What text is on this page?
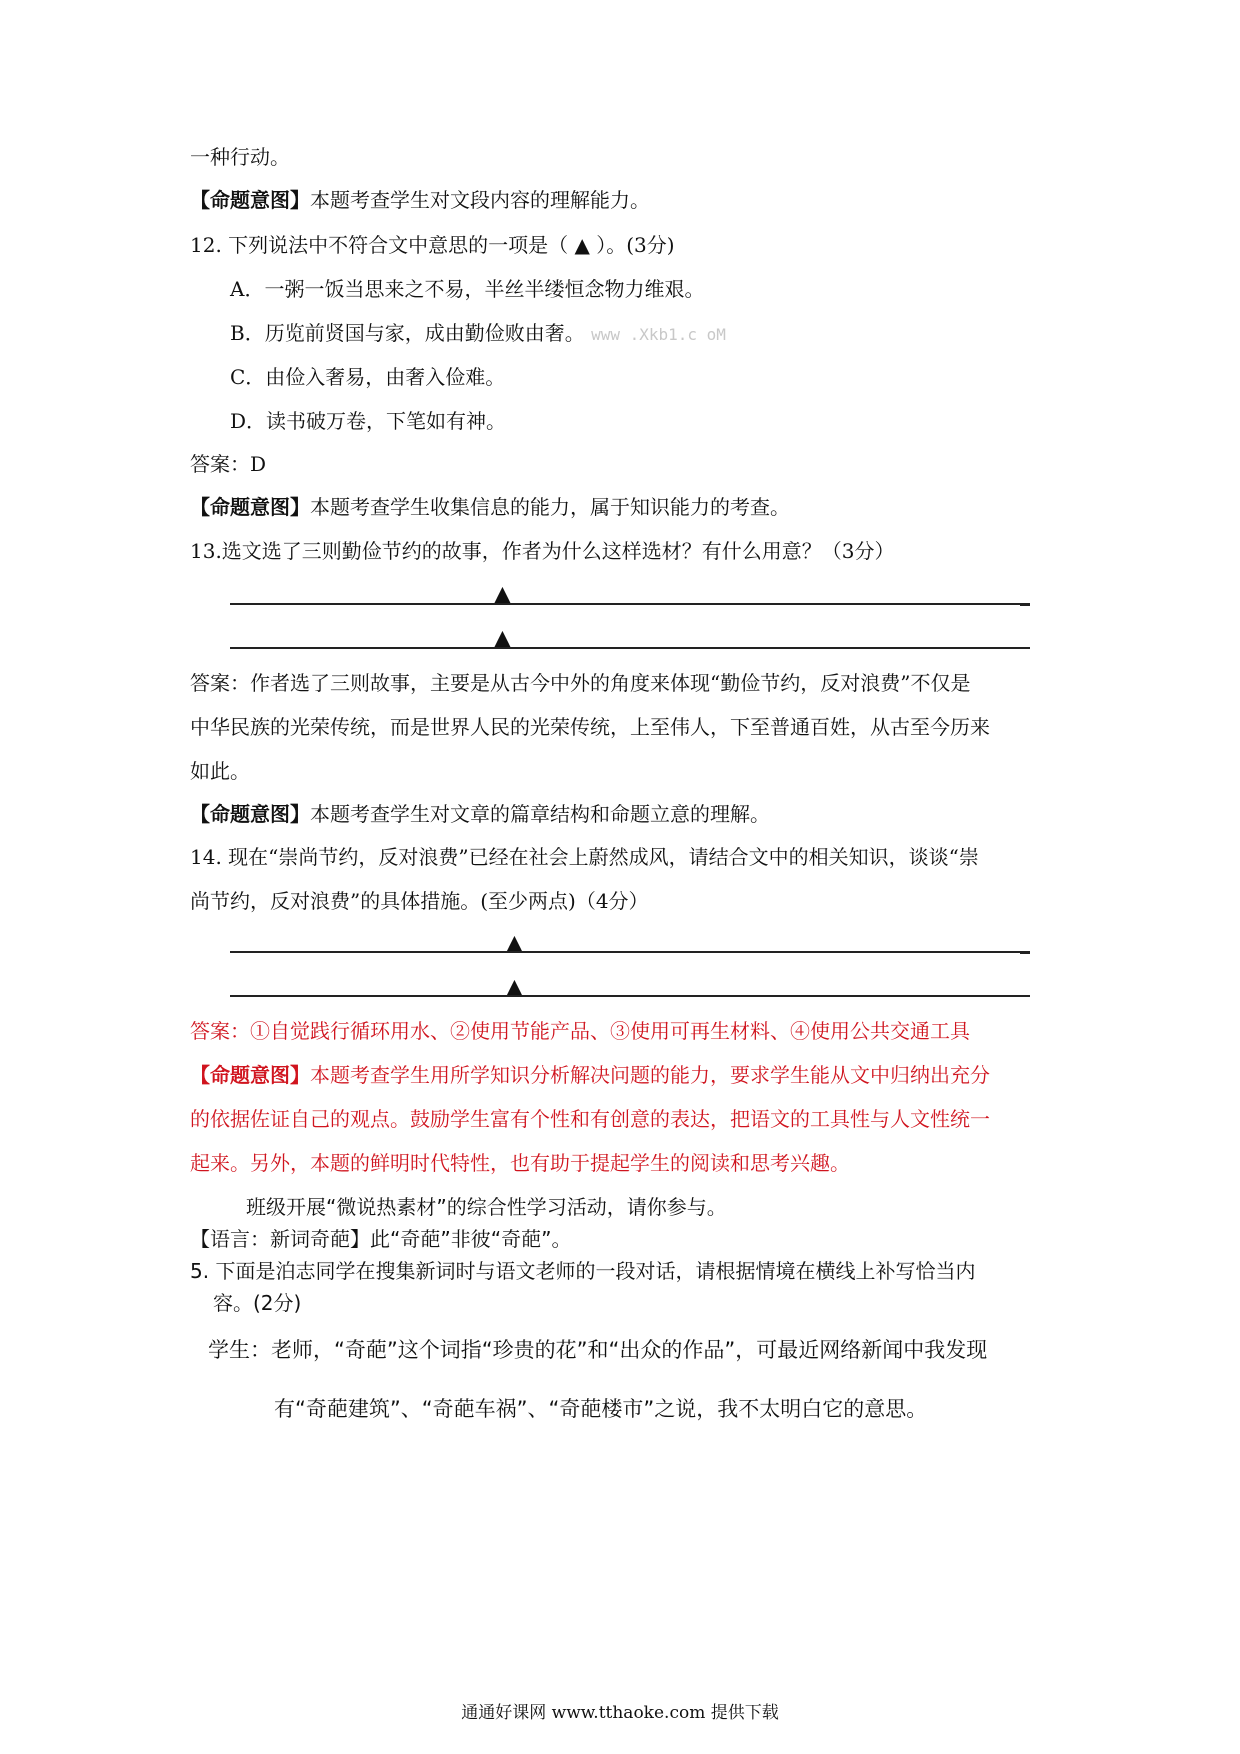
一种行动。
【命题意图】本题考查学生对文段内容的理解能力。
12. 下列说法中不符合文中意思的一项是（ ▲ ）。(3分)
A．一粥一饭当思来之不易，半丝半缕恒念物力维艰。
B．历览前贤国与家，成由勤俭败由奢。 www .Xkb1.c oM
C．由俭入奢易，由奢入俭难。
D．读书破万卷，下笔如有神。
答案：D
【命题意图】本题考查学生收集信息的能力，属于知识能力的考查。
13.选文选了三则勤俭节约的故事，作者为什么这样选材？有什么用意？（3分）
▲
▲
答案：作者选了三则故事，主要是从古今中外的角度来体现“勤俭节约，反对浪费”不仅是
中华民族的光荣传统，而是世界人民的光荣传统，上至伟人，下至普通百姓，从古至今历来
如此。
【命题意图】本题考查学生对文章的篇章结构和命题立意的理解。
14. 现在“崇尚节约，反对浪费”已经在社会上蔚然成风，请结合文中的相关知识，谈谈“崇
尚节约，反对浪费”的具体措施。(至少两点)（4分）
▲
▲
答案：①自觉践行循环用水、②使用节能产品、③使用可再生材料、④使用公共交通工具
【命题意图】本题考查学生用所学知识分析解决问题的能力，要求学生能从文中归纳出充分
的依据佐证自己的观点。鼓励学生富有个性和有创意的表达，把语文的工具性与人文性统一
起来。另外，本题的鲜明时代特性，也有助于提起学生的阅读和思考兴趣。
班级开展“微说热素材”的综合性学习活动，请你参与。
【语言：新词奇葩】此“奇葩”非彼“奇葩”。
5. 下面是泊志同学在搜集新词时与语文老师的一段对话，请根据情境在横线上补写恰当内
容。(2分)
学生：老师，“奇葩”这个词指“珍贵的花”和“出众的作品”，可最近网络新闻中我发现
有“奇葩建筑”、“奇葩车祸”、“奇葩楼市”之说，我不太明白它的意思。
通通好课网 www.tthaoke.com 提供下载
